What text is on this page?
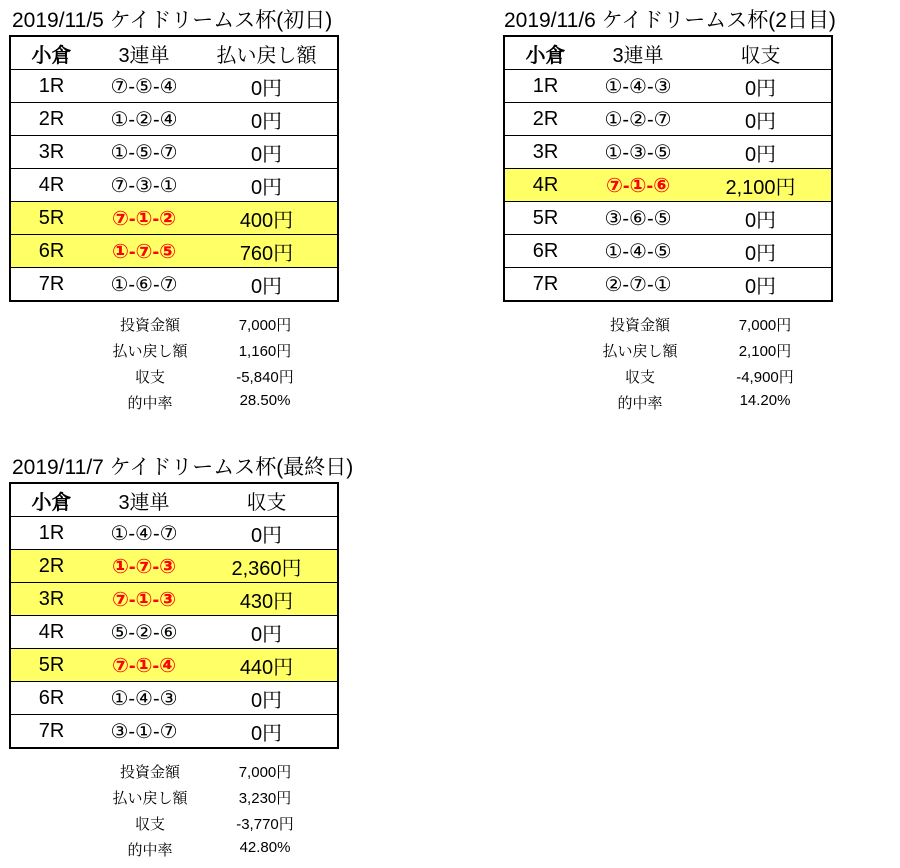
2019/11/5 ケイドリームス杯(初日)
小倉	3連単	払い戻し額
1R	⑦-⑤-④	0円
2R	①-②-④	0円
3R	①-⑤-⑦	0円
4R	⑦-③-①	0円
5R	⑦-①-②	400円
6R	①-⑦-⑤	760円
7R	①-⑥-⑦	0円
投資金額	7,000円
払い戻し額	1,160円
収支	-5,840円
的中率	28.50%
2019/11/6 ケイドリームス杯(2日目)
小倉	3連単	収支
1R	①-④-③	0円
2R	①-②-⑦	0円
3R	①-③-⑤	0円
4R	⑦-①-⑥	2,100円
5R	③-⑥-⑤	0円
6R	①-④-⑤	0円
7R	②-⑦-①	0円
投資金額	7,000円
払い戻し額	2,100円
収支	-4,900円
的中率	14.20%
2019/11/7 ケイドリームス杯(最終日)
小倉	3連単	収支
1R	①-④-⑦	0円
2R	①-⑦-③	2,360円
3R	⑦-①-③	430円
4R	⑤-②-⑥	0円
5R	⑦-①-④	440円
6R	①-④-③	0円
7R	③-①-⑦	0円
投資金額	7,000円
払い戻し額	3,230円
収支	-3,770円
的中率	42.80%
